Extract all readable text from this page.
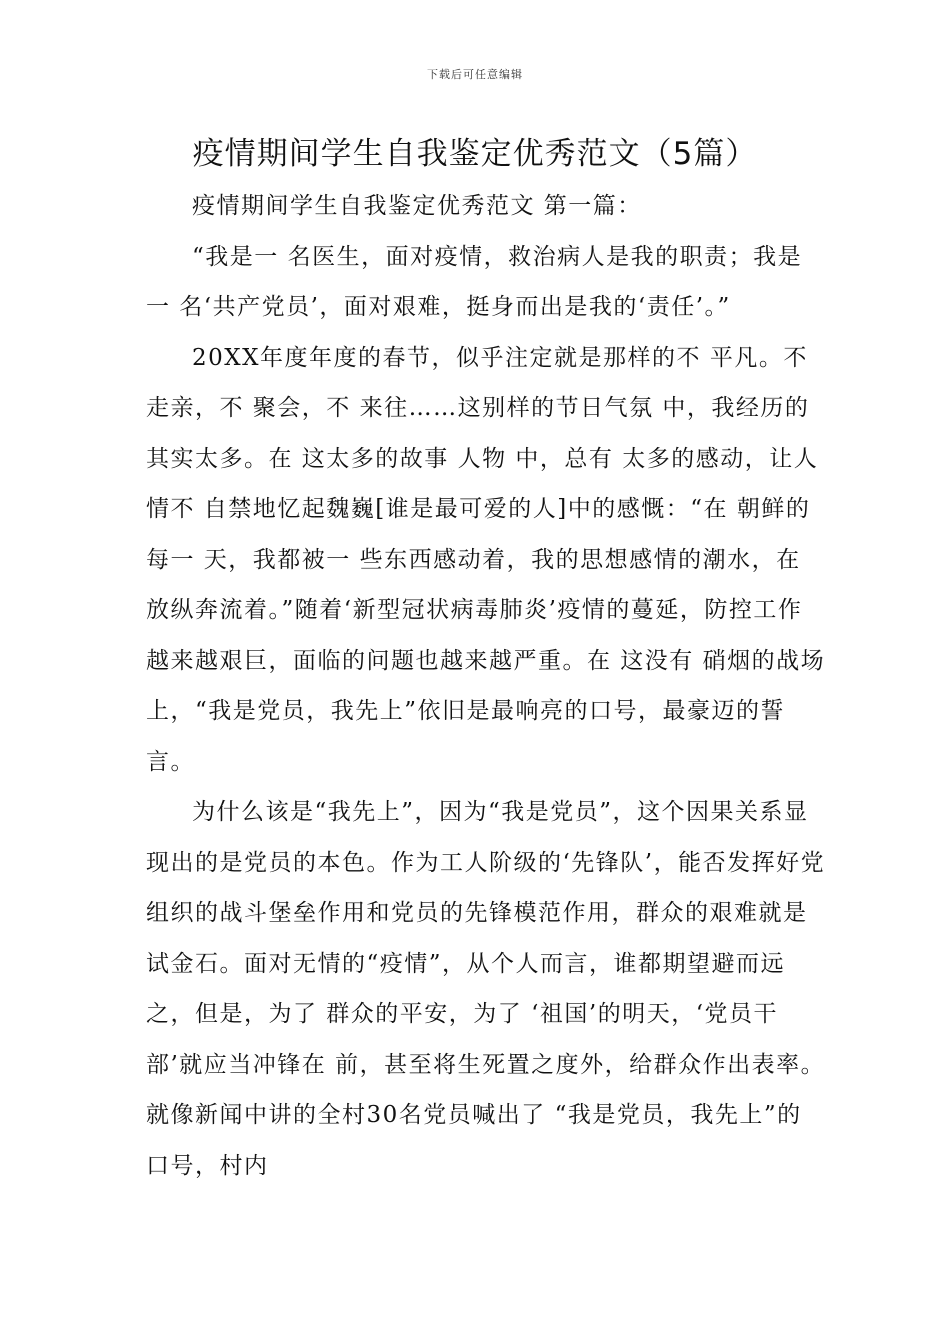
下载后可任意编辑
疫情期间学生自我鉴定优秀范文（5篇）

疫情期间学生自我鉴定优秀范文 第一篇：

“我是一 名医生，面对疫情，救治病人是我的职责；我是一 名‘共产党员’，面对艰难，挺身而出是我的‘责任’。”

20XX年度年度的春节，似乎注定就是那样的不 平凡。不 走亲，不 聚会，不 来往……这别样的节日气氛 中，我经历的其实太多。在 这太多的故事 人物 中，总有 太多的感动，让人情不 自禁地忆起魏巍[谁是最可爱的人]中的感慨：“在 朝鲜的每一 天，我都被一 些东西感动着，我的思想感情的潮水，在 放纵奔流着。”随着‘新型冠状病毒肺炎’疫情的蔓延，防控工作越来越艰巨，面临的问题也越来越严重。在 这没有 硝烟的战场上，“我是党员，我先上”依旧是最响亮的口号，最豪迈的誓言。

为什么该是“我先上”，因为“我是党员”，这个因果关系显现出的是党员的本色。作为工人阶级的‘先锋队’，能否发挥好党组织的战斗堡垒作用和党员的先锋模范作用，群众的艰难就是试金石。面对无情的“疫情”，从个人而言，谁都期望避而远之，但是，为了 群众的平安，为了 ‘祖国’的明天，‘党员干部’就应当冲锋在 前，甚至将生死置之度外，给群众作出表率。就像新闻中讲的全村30名党员喊出了 “我是党员，我先上”的口号，村内
